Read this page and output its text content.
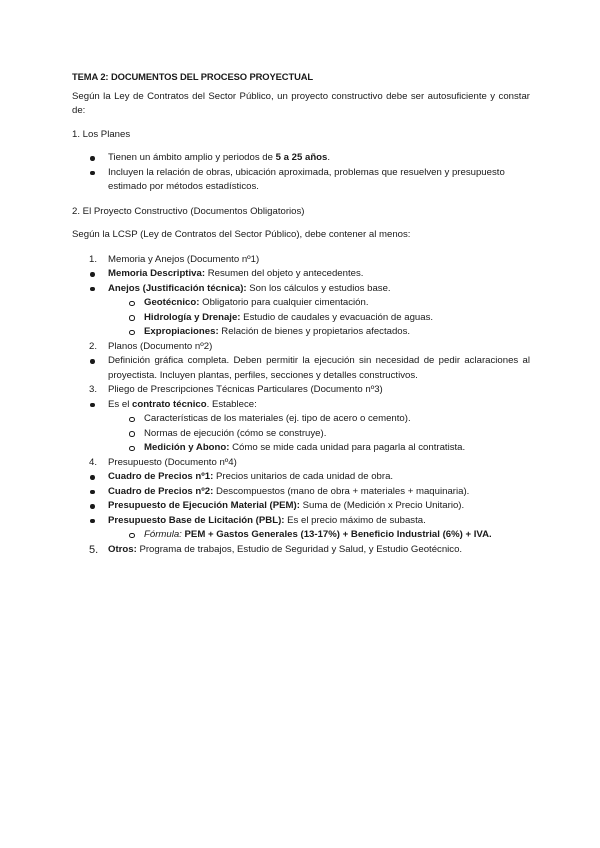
TEMA 2: DOCUMENTOS DEL PROCESO PROYECTUAL

Según la Ley de Contratos del Sector Público, un proyecto constructivo debe ser autosuficiente y constar de:

1. Los Planes

Tienen un ámbito amplio y periodos de 5 a 25 años.
Incluyen la relación de obras, ubicación aproximada, problemas que resuelven y presupuesto estimado por métodos estadísticos.

2. El Proyecto Constructivo (Documentos Obligatorios)

Según la LCSP (Ley de Contratos del Sector Público), debe contener al menos:

1.	Memoria y Anejos (Documento nº1)
Memoria Descriptiva: Resumen del objeto y antecedentes.
Anejos (Justificación técnica): Son los cálculos y estudios base.
Geotécnico: Obligatorio para cualquier cimentación.
Hidrología y Drenaje: Estudio de caudales y evacuación de aguas.
Expropiaciones: Relación de bienes y propietarios afectados.
2.	Planos (Documento nº2)
Definición gráfica completa. Deben permitir la ejecución sin necesidad de pedir aclaraciones al proyectista. Incluyen plantas, perfiles, secciones y detalles constructivos.
3.	Pliego de Prescripciones Técnicas Particulares (Documento nº3)
Es el contrato técnico. Establece:
Características de los materiales (ej. tipo de acero o cemento).
Normas de ejecución (cómo se construye).
Medición y Abono: Cómo se mide cada unidad para pagarla al contratista.
4.	Presupuesto (Documento nº4)
Cuadro de Precios nº1: Precios unitarios de cada unidad de obra.
Cuadro de Precios nº2: Descompuestos (mano de obra + materiales + maquinaria).
Presupuesto de Ejecución Material (PEM): Suma de (Medición x Precio Unitario).
Presupuesto Base de Licitación (PBL): Es el precio máximo de subasta.
Fórmula: PEM + Gastos Generales (13-17%) + Beneficio Industrial (6%) + IVA.
5.	Otros: Programa de trabajos, Estudio de Seguridad y Salud, y Estudio Geotécnico.
